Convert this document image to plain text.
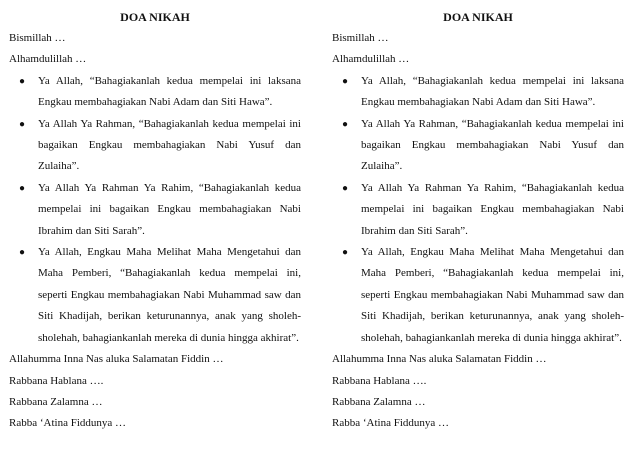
DOA NIKAH

Bismillah …

Alhamdulillah …

● Ya Allah, “Bahagiakanlah kedua mempelai ini laksana Engkau membahagiakan Nabi Adam dan Siti Hawa”.
● Ya Allah Ya Rahman, “Bahagiakanlah kedua mempelai ini bagaikan Engkau membahagiakan Nabi Yusuf dan Zulaiha”.
● Ya Allah Ya Rahman Ya Rahim, “Bahagiakanlah kedua mempelai ini bagaikan Engkau membahagiakan Nabi Ibrahim dan Siti Sarah”.
● Ya Allah, Engkau Maha Melihat Maha Mengetahui dan Maha Pemberi, “Bahagiakanlah kedua mempelai ini, seperti Engkau membahagiakan Nabi Muhammad saw dan Siti Khadijah, berikan keturunannya, anak yang sholeh-sholehah, bahagiankanlah mereka di dunia hingga akhirat”.

Allahumma Inna Nas aluka Salamatan Fiddin …

Rabbana Hablana ….

Rabbana Zalamna …

Rabba ‘Atina Fiddunya …

DOA NIKAH

Bismillah …

Alhamdulillah …

● Ya Allah, “Bahagiakanlah kedua mempelai ini laksana Engkau membahagiakan Nabi Adam dan Siti Hawa”.
● Ya Allah Ya Rahman, “Bahagiakanlah kedua mempelai ini bagaikan Engkau membahagiakan Nabi Yusuf dan Zulaiha”.
● Ya Allah Ya Rahman Ya Rahim, “Bahagiakanlah kedua mempelai ini bagaikan Engkau membahagiakan Nabi Ibrahim dan Siti Sarah”.
● Ya Allah, Engkau Maha Melihat Maha Mengetahui dan Maha Pemberi, “Bahagiakanlah kedua mempelai ini, seperti Engkau membahagiakan Nabi Muhammad saw dan Siti Khadijah, berikan keturunannya, anak yang sholeh-sholehah, bahagiankanlah mereka di dunia hingga akhirat”.

Allahumma Inna Nas aluka Salamatan Fiddin …

Rabbana Hablana ….

Rabbana Zalamna …

Rabba ‘Atina Fiddunya …
